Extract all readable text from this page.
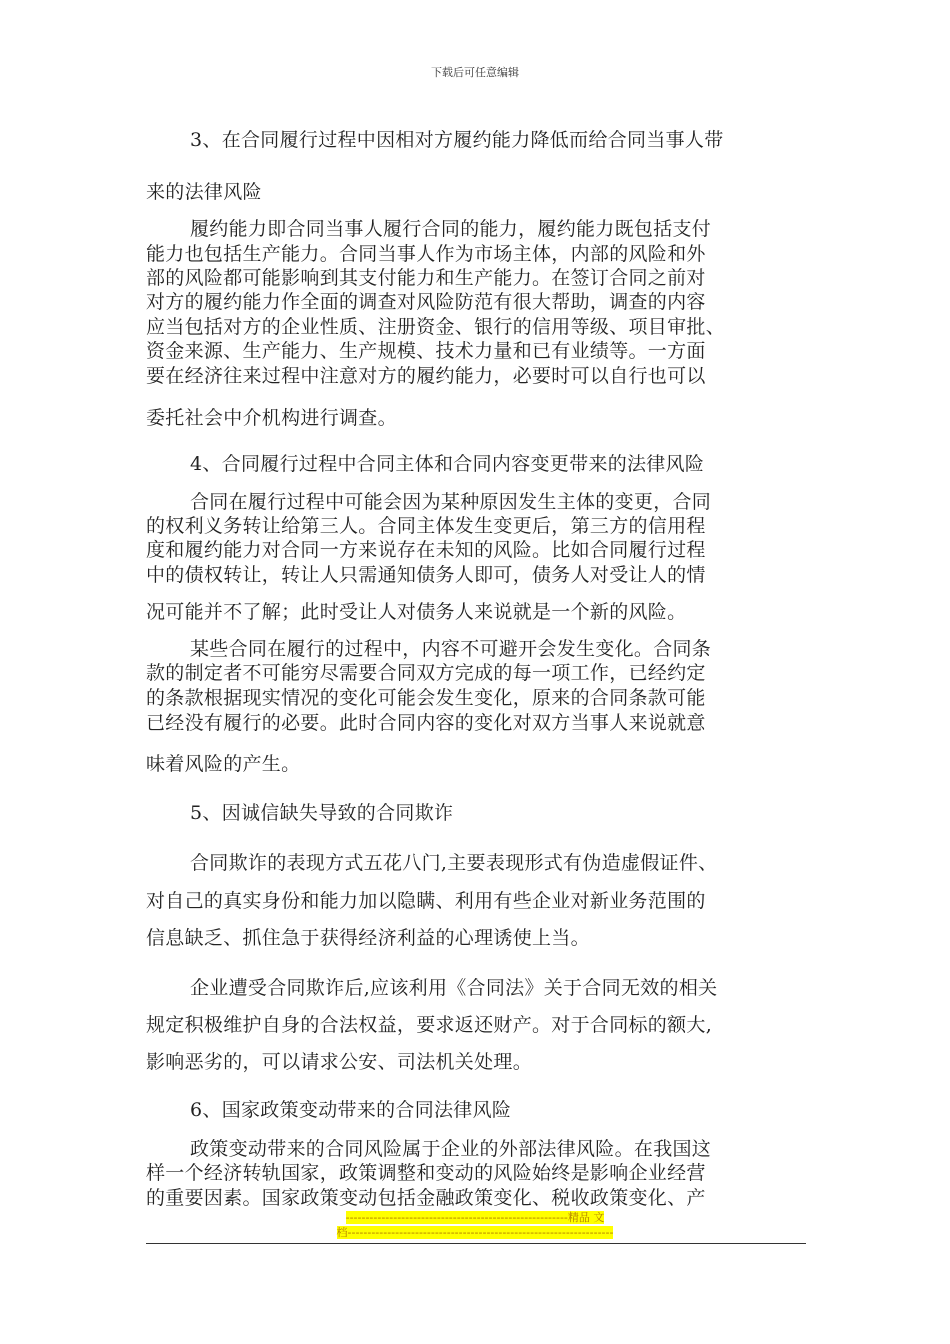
下载后可任意编辑
3、在合同履行过程中因相对方履约能力降低而给合同当事人带
来的法律风险
履约能力即合同当事人履行合同的能力，履约能力既包括支付
能力也包括生产能力。合同当事人作为市场主体，内部的风险和外
部的风险都可能影响到其支付能力和生产能力。在签订合同之前对
对方的履约能力作全面的调查对风险防范有很大帮助，调查的内容
应当包括对方的企业性质、注册资金、银行的信用等级、项目审批、
资金来源、生产能力、生产规模、技术力量和已有业绩等。一方面
要在经济往来过程中注意对方的履约能力，必要时可以自行也可以
委托社会中介机构进行调查。
4、合同履行过程中合同主体和合同内容变更带来的法律风险
合同在履行过程中可能会因为某种原因发生主体的变更，合同
的权利义务转让给第三人。合同主体发生变更后，第三方的信用程
度和履约能力对合同一方来说存在未知的风险。比如合同履行过程
中的债权转让，转让人只需通知债务人即可，债务人对受让人的情
况可能并不了解；此时受让人对债务人来说就是一个新的风险。
某些合同在履行的过程中，内容不可避开会发生变化。合同条
款的制定者不可能穷尽需要合同双方完成的每一项工作，已经约定
的条款根据现实情况的变化可能会发生变化，原来的合同条款可能
已经没有履行的必要。此时合同内容的变化对双方当事人来说就意
味着风险的产生。
5、因诚信缺失导致的合同欺诈
合同欺诈的表现方式五花八门,主要表现形式有伪造虚假证件、
对自己的真实身份和能力加以隐瞒、利用有些企业对新业务范围的
信息缺乏、抓住急于获得经济利益的心理诱使上当。
企业遭受合同欺诈后,应该利用《合同法》关于合同无效的相关
规定积极维护自身的合法权益，要求返还财产。对于合同标的额大,
影响恶劣的，可以请求公安、司法机关处理。
6、国家政策变动带来的合同法律风险
政策变动带来的合同风险属于企业的外部法律风险。在我国这
样一个经济转轨国家，政策调整和变动的风险始终是影响企业经营
的重要因素。国家政策变动包括金融政策变化、税收政策变化、产
--------------------------------------------------------精品 文
档-------------------------------------------------------------------
